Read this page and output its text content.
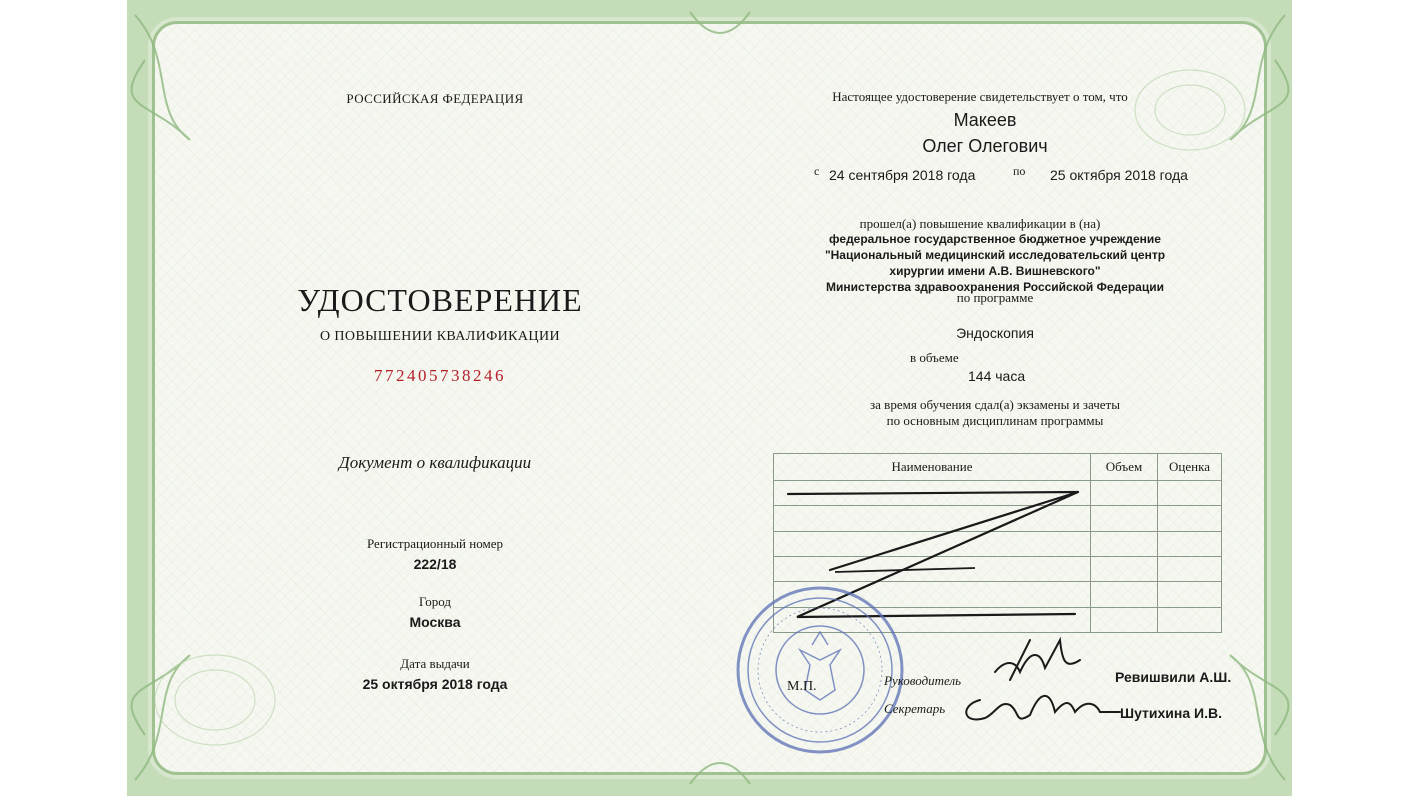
РОССИЙСКАЯ ФЕДЕРАЦИЯ
УДОСТОВЕРЕНИЕ
О ПОВЫШЕНИИ КВАЛИФИКАЦИИ
772405738246
Документ о квалификации
Регистрационный номер
222/18
Город
Москва
Дата выдачи
25 октября 2018 года
Настоящее удостоверение свидетельствует о том, что
Макеев
Олег Олегович
с 24 сентября 2018 года	по 25 октября 2018 года
прошел(а) повышение квалификации в (на)
федеральное государственное бюджетное учреждение
"Национальный медицинский исследовательский центр
хирургии имени А.В. Вишневского"
Министерства здравоохранения Российской Федерации
по программе
Эндоскопия
в объеме
144 часа
за время обучения сдал(а) экзамены и зачеты
по основным дисциплинам программы
Наименование	Объем	Оценка

М.П.	Руководитель	Ревишвили А.Ш.
Секретарь	Шутихина И.В.
